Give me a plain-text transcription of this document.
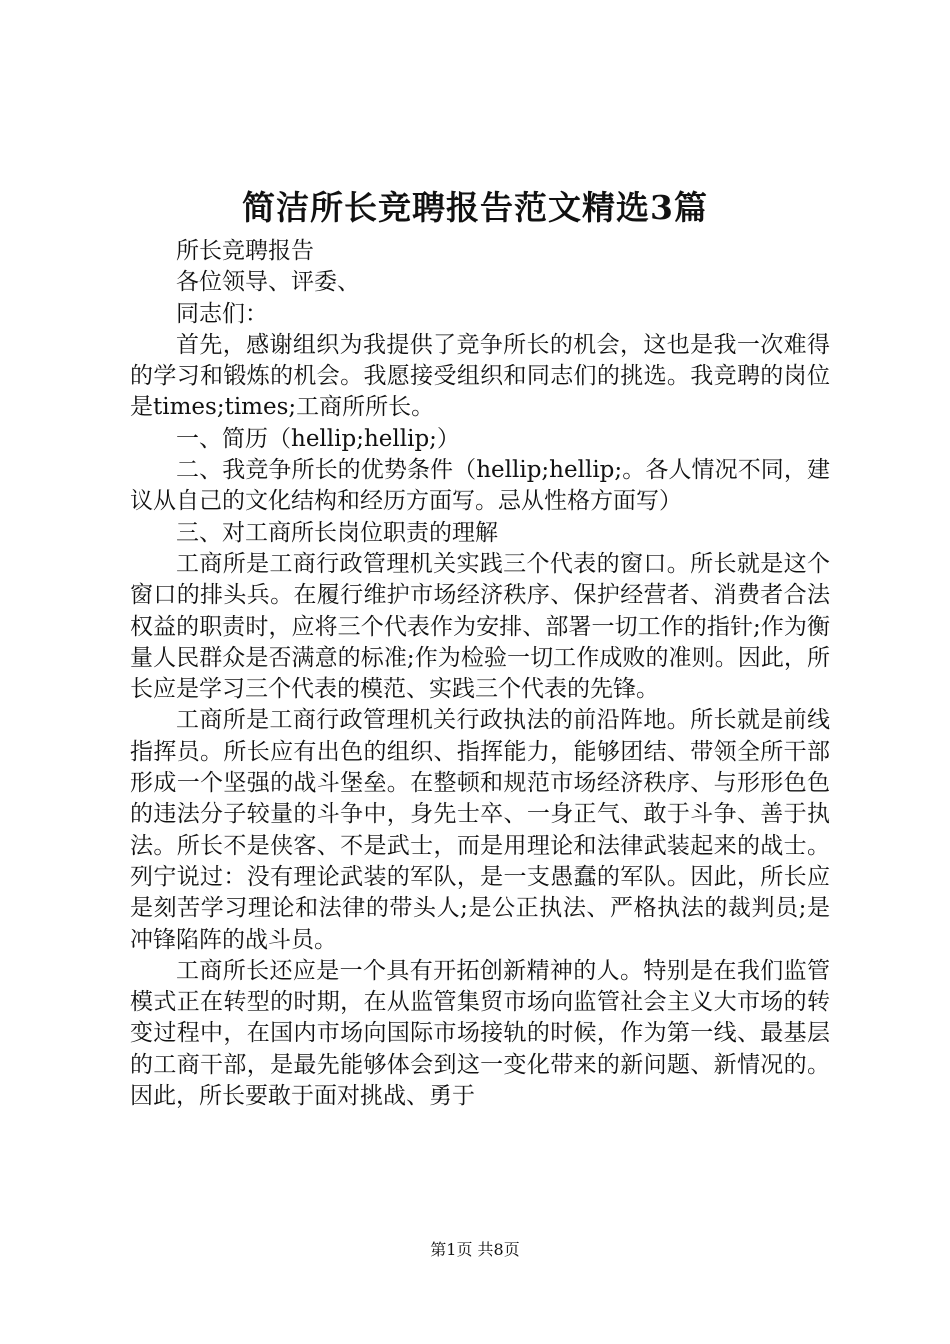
简洁所长竞聘报告范文精选3篇

所长竞聘报告

各位领导、评委、

同志们：

首先，感谢组织为我提供了竞争所长的机会，这也是我一次难得的学习和锻炼的机会。我愿接受组织和同志们的挑选。我竞聘的岗位是times;times;工商所所长。

一、简历（hellip;hellip;）

二、我竞争所长的优势条件（hellip;hellip;。各人情况不同，建议从自己的文化结构和经历方面写。忌从性格方面写）

三、对工商所长岗位职责的理解

工商所是工商行政管理机关实践三个代表的窗口。所长就是这个窗口的排头兵。在履行维护市场经济秩序、保护经营者、消费者合法权益的职责时，应将三个代表作为安排、部署一切工作的指针;作为衡量人民群众是否满意的标准;作为检验一切工作成败的准则。因此，所长应是学习三个代表的模范、实践三个代表的先锋。

工商所是工商行政管理机关行政执法的前沿阵地。所长就是前线指挥员。所长应有出色的组织、指挥能力，能够团结、带领全所干部形成一个坚强的战斗堡垒。在整顿和规范市场经济秩序、与形形色色的违法分子较量的斗争中，身先士卒、一身正气、敢于斗争、善于执法。所长不是侠客、不是武士，而是用理论和法律武装起来的战士。列宁说过：没有理论武装的军队，是一支愚蠢的军队。因此，所长应是刻苦学习理论和法律的带头人;是公正执法、严格执法的裁判员;是冲锋陷阵的战斗员。

工商所长还应是一个具有开拓创新精神的人。特别是在我们监管模式正在转型的时期，在从监管集贸市场向监管社会主义大市场的转变过程中，在国内市场向国际市场接轨的时候，作为第一线、最基层的工商干部，是最先能够体会到这一变化带来的新问题、新情况的。因此，所长要敢于面对挑战、勇于

第1页 共8页
